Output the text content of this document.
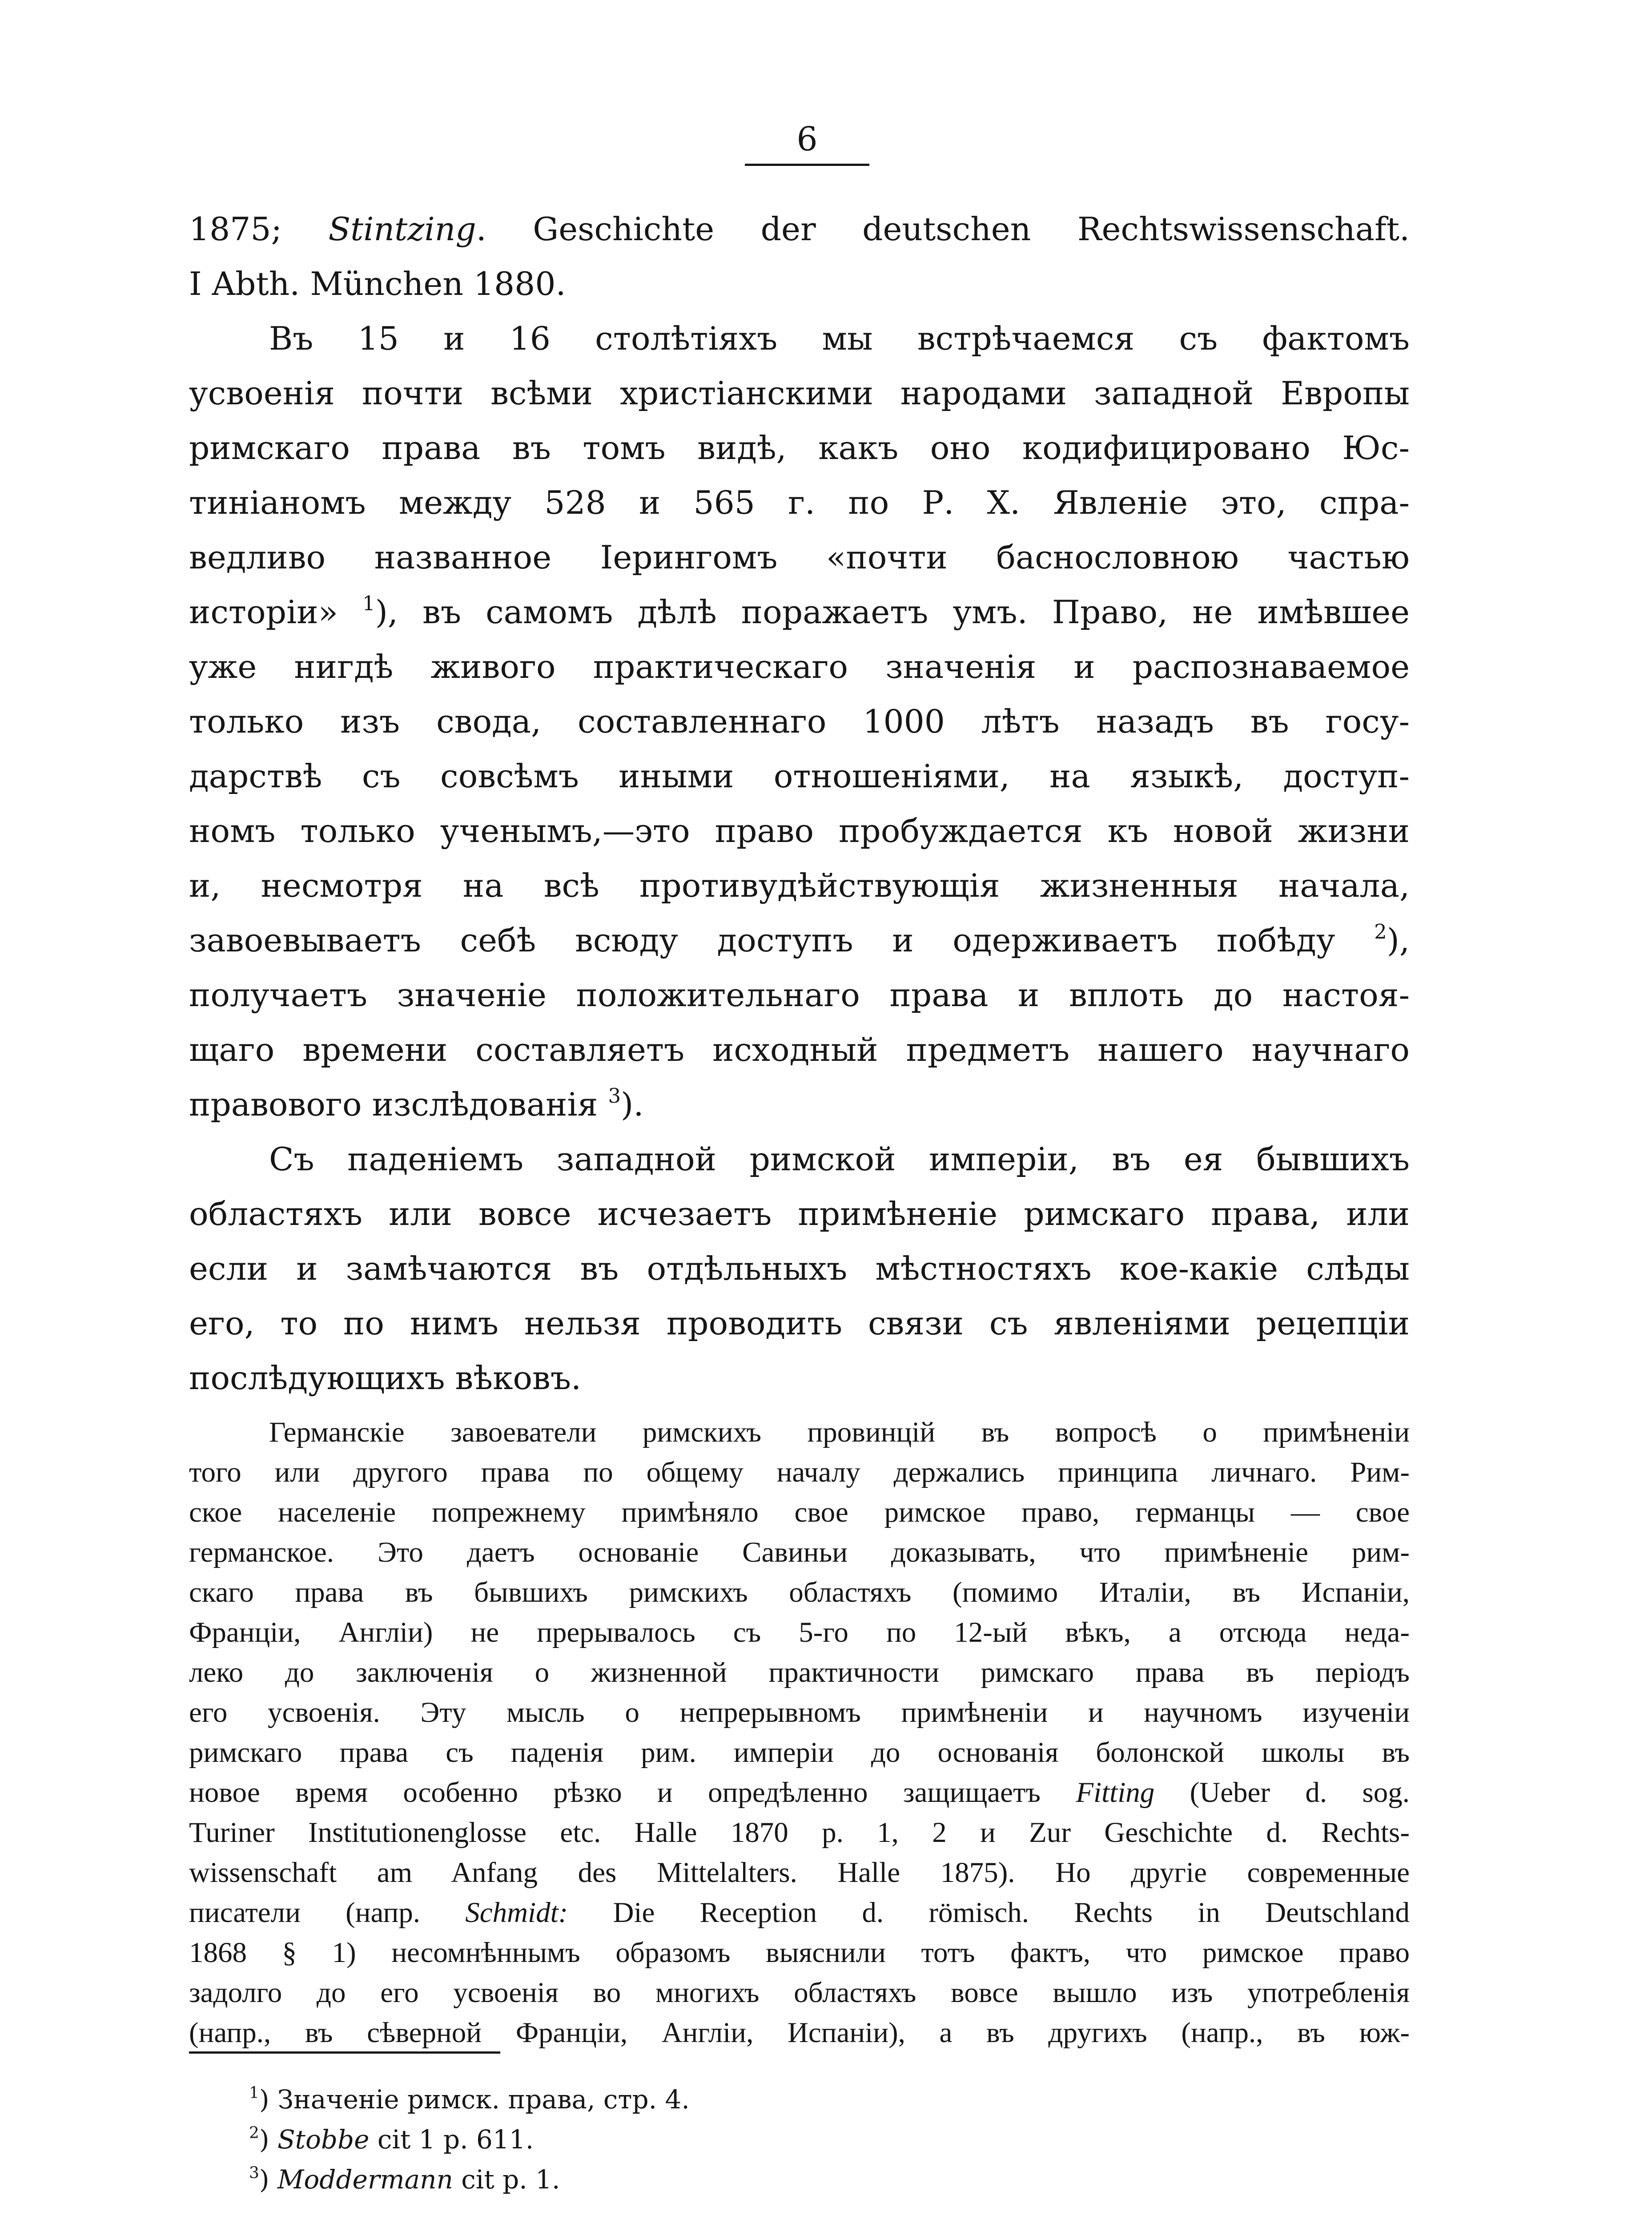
6

1875; Stintzing. Geschichte der deutschen Rechtswissenschaft.
I Abth. München 1880.

Въ 15 и 16 столѣтіяхъ мы встрѣчаемся съ фактомъ
усвоенія почти всѣми христіанскими народами западной Европы
римскаго права въ томъ видѣ, какъ оно кодифицировано Юс-
тиніаномъ между 528 и 565 г. по Р. Х. Явленіе это, спра-
ведливо названное Іерингомъ «почти баснословною частью
исторіи» $^1$), въ самомъ дѣлѣ поражаетъ умъ. Право, не имѣвшее
уже нигдѣ живого практическаго значенія и распознаваемое
только изъ свода, составленнаго 1000 лѣтъ назадъ въ госу-
дарствѣ съ совсѣмъ иными отношеніями, на языкѣ, доступ-
номъ только ученымъ,—это право пробуждается къ новой жизни
и, несмотря на всѣ противудѣйствующія жизненныя начала,
завоевываетъ себѣ всюду доступъ и одерживаетъ побѣду $^2$),
получаетъ значеніе положительнаго права и вплоть до настоя-
щаго времени составляетъ исходный предметъ нашего научнаго
правового изслѣдованія $^3$).

Съ паденіемъ западной римской имперіи, въ ея бывшихъ
областяхъ или вовсе исчезаетъ примѣненіе римскаго права, или
если и замѣчаются въ отдѣльныхъ мѣстностяхъ кое-какіе слѣды
его, то по нимъ нельзя проводить связи съ явленіями рецепціи
послѣдующихъ вѣковъ.

Германскіе завоеватели римскихъ провинцій въ вопросѣ о примѣненіи
того или другого права по общему началу держались принципа личнаго. Рим-
ское населеніе попрежнему примѣняло свое римское право, германцы — свое
германское. Это даетъ основаніе Савиньи доказывать, что примѣненіе рим-
скаго права въ бывшихъ римскихъ областяхъ (помимо Италіи, въ Испаніи,
Франціи, Англіи) не прерывалось съ 5-го по 12-ый вѣкъ, а отсюда неда-
леко до заключенія о жизненной практичности римскаго права въ періодъ
его усвоенія. Эту мысль о непрерывномъ примѣненіи и научномъ изученіи
римскаго права съ паденія рим. имперіи до основанія болонской школы въ
новое время особенно рѣзко и опредѣленно защищаетъ Fitting (Ueber d. sog.
Turiner Institutionenglosse etc. Halle 1870 p. 1, 2 и Zur Geschichte d. Rechts-
wissenschaft am Anfang des Mittelalters. Halle 1875). Но другіе современные
писатели (напр. Schmidt: Die Reception d. römisch. Rechts in Deutschland
1868 § 1) несомнѣннымъ образомъ выяснили тотъ фактъ, что римское право
задолго до его усвоенія во многихъ областяхъ вовсе вышло изъ употребленія
(напр., въ сѣверной Франціи, Англіи, Испаніи), а въ другихъ (напр., въ юж-
$^1$) Значеніе римск. права, стр. 4.
$^2$) Stobbe cit 1 p. 611.
$^3$) Moddermann cit p. 1.
